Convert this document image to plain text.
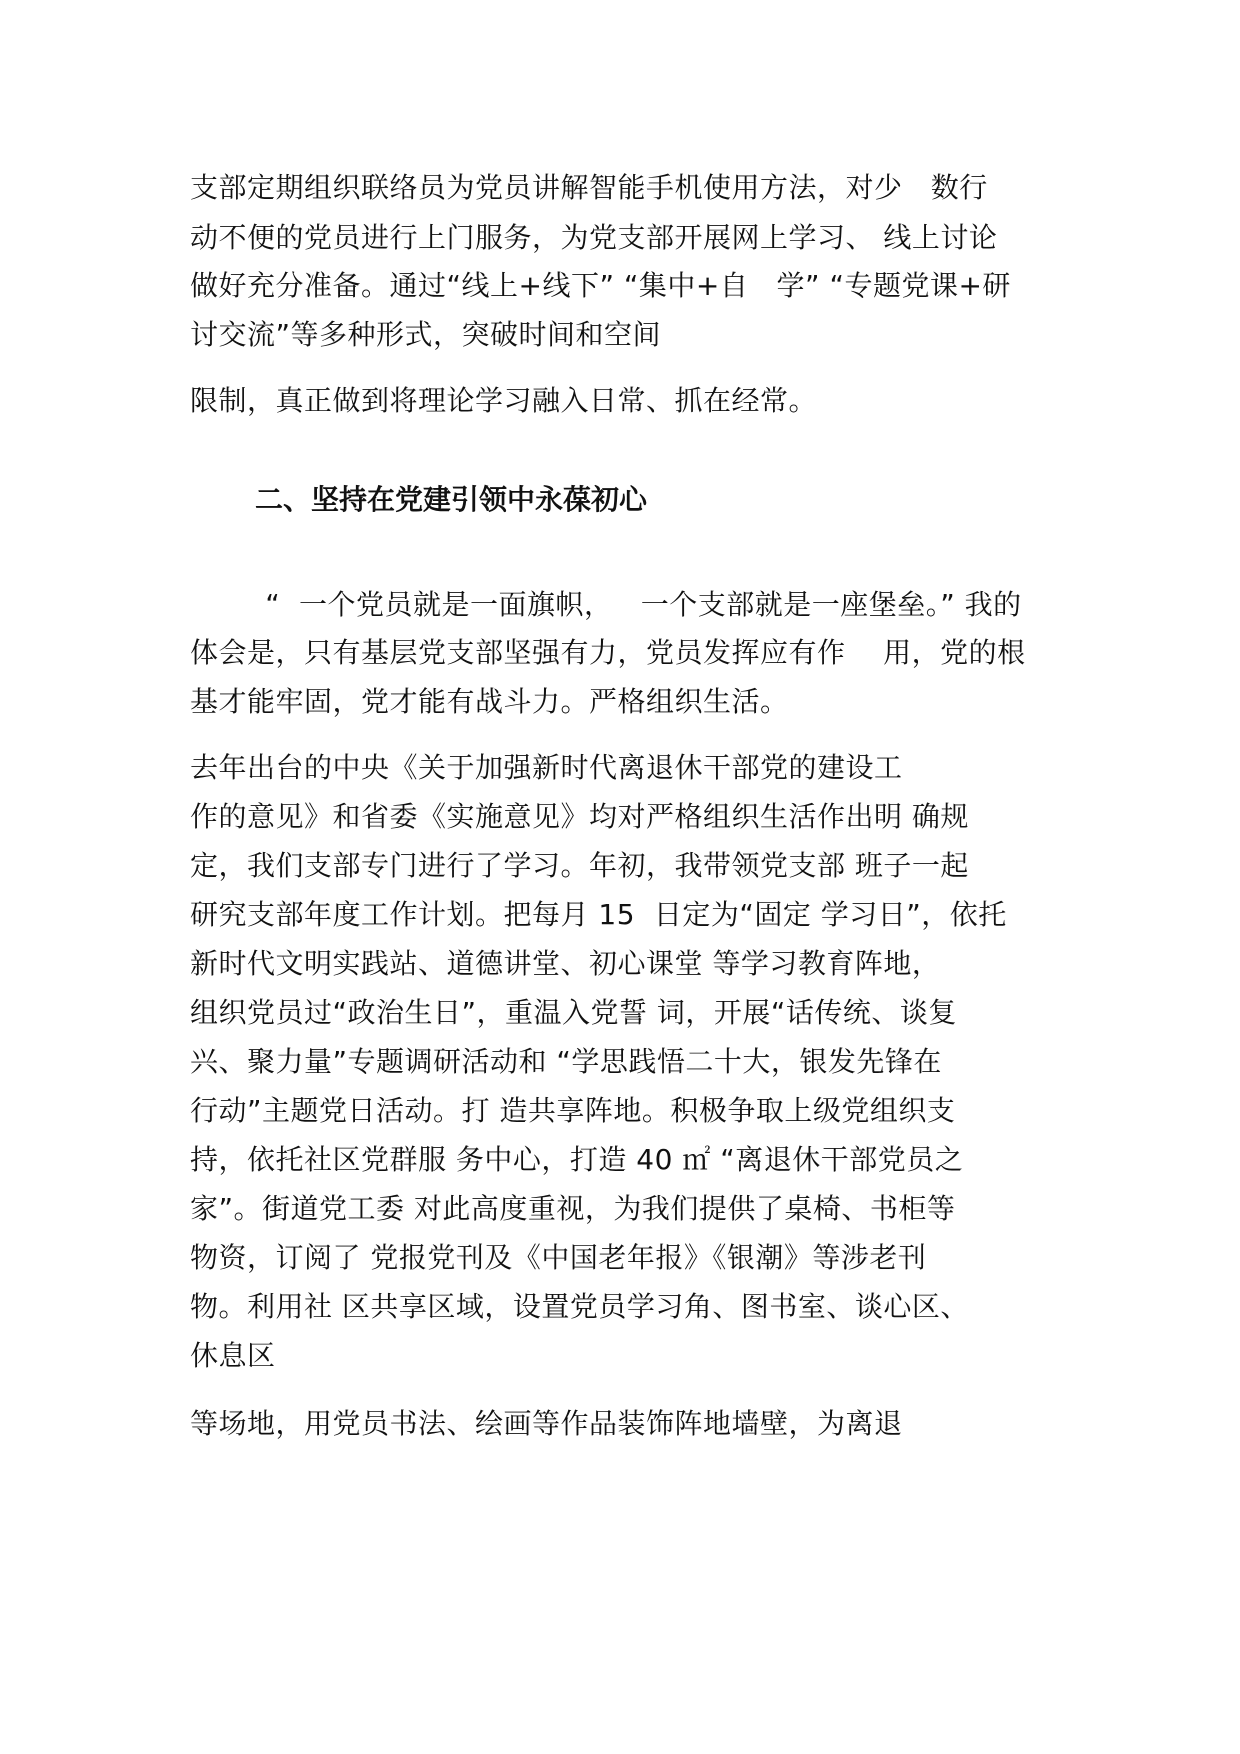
支部定期组织联络员为党员讲解智能手机使用方法，对少   数行

动不便的党员进行上门服务，为党支部开展网上学习、 线上讨论

做好充分准备。通过“线上+线下” “集中+自   学” “专题党课+研

讨交流”等多种形式，突破时间和空间

限制，真正做到将理论学习融入日常、抓在经常。

二、坚持在党建引领中永葆初心

“  一个党员就是一面旗帜，   一个支部就是一座堡垒。” 我的

体会是，只有基层党支部坚强有力，党员发挥应有作    用，党的根

基才能牢固，党才能有战斗力。严格组织生活。

去年出台的中央《关于加强新时代离退休干部党的建设工

作的意见》和省委《实施意见》均对严格组织生活作出明 确规

定，我们支部专门进行了学习。年初，我带领党支部 班子一起

研究支部年度工作计划。把每月 15  日定为“固定 学习日”，依托

新时代文明实践站、道德讲堂、初心课堂 等学习教育阵地，

组织党员过“政治生日”，重温入党誓 词，开展“话传统、谈复

兴、聚力量”专题调研活动和 “学思践悟二十大，银发先锋在

行动”主题党日活动。打 造共享阵地。积极争取上级党组织支

持，依托社区党群服 务中心，打造 40 ㎡ “离退休干部党员之

家”。街道党工委 对此高度重视，为我们提供了桌椅、书柜等

物资，订阅了 党报党刊及《中国老年报》《银潮》等涉老刊

物。利用社 区共享区域，设置党员学习角、图书室、谈心区、

休息区

等场地，用党员书法、绘画等作品装饰阵地墙壁，为离退
